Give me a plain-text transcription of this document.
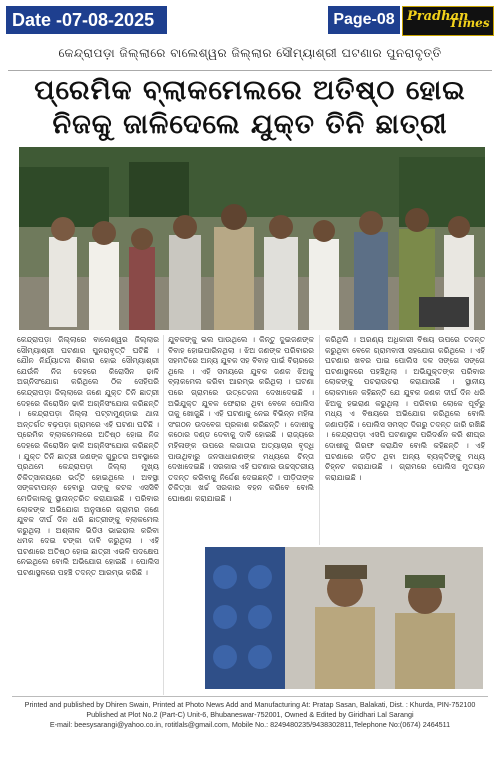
Date -07-08-2025	Page-08 Pradhan
Times
କେନ୍ଦ୍ରାପଡ଼ା ଜିଲ୍ଲାରେ ବାଲେଶ୍ୱର ଜିଲ୍ଲାର ସୌମ୍ୟାଶ୍ରୀ ଘଟଣାର ପୁନରାବୃତ୍ତି
ପ୍ରେମିକ ବ୍ଲାକମେଲରେ ଅତିଷ୍ଠ ହୋଇ
ନିଜକୁ ଜାଳିଦେଲେ ଯୁକ୍ତ ତିନି ଛାତ୍ରୀ
କେନ୍ଦ୍ରାପଡ଼ା ଜିଲ୍ଲାରେ ବାଲେଶ୍ୱର ଜିଲ୍ଲାର ସୌମ୍ୟାଶ୍ରୀ ଘଟଣାର ପୁନରାବୃତ୍ତି ଘଟିଛି । ଯୌନ ନିର୍ଯ୍ୟାତନା ଶିକାର ହୋଇ ସୌମ୍ୟାଶ୍ରୀ ଯେଉଁଳି ନିଜ ଦେହରେ କିରୋସିନ ଢାଳି ଅଗ୍ନିସଂଯୋଗ କରିଥିଲେ ଠିକ ସେହିପରି କେନ୍ଦ୍ରାପଡ଼ା ଜିଲ୍ଲାରେ ଜଣେ ଯୁକ୍ତ ତିନି ଛାତ୍ରୀ ଦେହରେ କିରୋସିନ ଢାଳି ଅଗ୍ନିସଂଯୋଗ କରିଛନ୍ତି । କେନ୍ଦ୍ରାପଡ଼ା ଜିଲ୍ଲା ପଟ୍ଟାମୁଣ୍ଡାଇ ଥାନା ଅନ୍ତର୍ଗତ ବଢ଼ପଡ଼ା ଗ୍ରାମରେ ଏହି ଘଟଣା ଘଟିଛି । ପ୍ରେମିକ ବ୍ଲାକମେଲରେ ଅତିଷ୍ଠ ହୋଇ ନିଜ ଦେହରେ କିରୋସିନ ଢାଳି ଅଗ୍ନିସଂଯୋଗ କରିଛନ୍ତି । ଯୁକ୍ତ ତିନି ଛାତ୍ରୀ ଜଣଙ୍କ ଗୁରୁତର ଅବସ୍ଥାରେ ପ୍ରଥମେ କେନ୍ଦ୍ରାପଡ଼ା ଜିଲ୍ଲା ମୁଖ୍ୟ ଚିକିତ୍ସାଳୟରେ ଭର୍ତ୍ତି ହୋଇଥିଲେ । ଅବସ୍ଥା ସଙ୍କଟାପନ୍ନ ହେବାରୁ ତାଙ୍କୁ କଟକ ଏସସିବି ମେଡିକାଲକୁ ସ୍ଥାନାନ୍ତରିତ କରାଯାଇଛି । ପରିବାର ଲୋକଙ୍କ ଅଭିଯୋଗ ଅନୁସାରେ ଗ୍ରାମର ଜଣେ ଯୁବକ ଦୀର୍ଘ ଦିନ ଧରି ଛାତ୍ରୀଙ୍କୁ ବ୍ଲାକମେଲ କରୁଥିଲା । ଅଶ୍ଳୀଳ ଭିଡିଓ ଭାଇରାଲ କରିବା ଧମକ ଦେଇ ଟଙ୍କା ଦାବି କରୁଥିଲା । ଏହି ଘଟଣାରେ ଅତିଷ୍ଠ ହୋଇ ଛାତ୍ରୀ ଏଭଳି ପଦକ୍ଷେପ ନେଇଥିଲେ ବୋଲି ଅଭିଯୋଗ ହୋଇଛି । ପୋଲିସ ଘଟଣାସ୍ଥଳରେ ପହଞ୍ଚି ତଦନ୍ତ ଆରମ୍ଭ କରିଛି ।
ଯୁବକଙ୍କୁ ଭଲ ପାଉଥିଲେ । କିନ୍ତୁ ଦୁଇଜଣଙ୍କ ବିବାହ ହୋଇପାରିନଥିଲା । ଝିଅ ଜଣଙ୍କ ପରିବାରର ସହମତିରେ ଅନ୍ୟ ଯୁବକ ସହ ବିବାହ ପାଇଁ ବିଚାରରେ ଥିଲେ । ଏହି ସମୟରେ ଯୁବକ ଜଣକ ଝିଅକୁ ବ୍ଲାକମେଲ କରିବା ଆରମ୍ଭ କରିଥିଲା । ଘଟଣା ପରେ ଗ୍ରାମରେ ଉତ୍ତେଜନା ଦେଖାଦେଇଛି । ଅଭିଯୁକ୍ତ ଯୁବକ ଫେରାର ଥିବା ବେଳେ ପୋଲିସ ତାକୁ ଖୋଜୁଛି । ଏହି ଘଟଣାକୁ ନେଇ ବିଭିନ୍ନ ମହିଳା ସଂଗଠନ ଉଦବେଗ ପ୍ରକାଶ କରିଛନ୍ତି । ଦୋଷୀକୁ କଠୋର ଦଣ୍ଡ ଦେବାକୁ ଦାବି ହୋଇଛି । ରାଜ୍ୟରେ ମହିଳାଙ୍କ ଉପରେ ଲଗାତାର ଅତ୍ୟାଚାର ବୃଦ୍ଧି ପାଉଥିବାରୁ ଜନସାଧାରଣଙ୍କ ମଧ୍ୟରେ ଚିନ୍ତା ଦେଖାଦେଇଛି । ସରକାର ଏହି ଘଟଣାର ଉଚ୍ଚସ୍ତରୀୟ ତଦନ୍ତ କରିବାକୁ ନିର୍ଦ୍ଦେଶ ଦେଇଛନ୍ତି । ପୀଡ଼ିତାଙ୍କ ଚିକିତ୍ସା ଖର୍ଚ୍ଚ ସରକାର ବହନ କରିବେ ବୋଲି ଘୋଷଣା କରାଯାଇଛି ।
କରିଥିଲି । ଅରଣ୍ୟ ଅଧିକାରୀ ବିଷୟ ଉପରେ ତଦନ୍ତ କରୁଥିବା ବେଳେ ଗ୍ରାମବାସୀ ସହଯୋଗ କରିଥିଲେ । ଏହି ଘଟଣାର ଖବର ପାଇ ପୋଲିସ ଦଳ ସଙ୍ଗେ ସଙ୍ଗେ ଘଟଣାସ୍ଥଳରେ ପହଞ୍ଚିଥିଲା । ଅଭିଯୁକ୍ତଙ୍କ ପରିବାର ଲୋକଙ୍କୁ ପଚରାଉଚରା କରାଯାଉଛି । ସ୍ଥାନୀୟ ଲୋକମାନେ କହିଛନ୍ତି ଯେ ଯୁବକ ଜଣକ ଦୀର୍ଘ ଦିନ ଧରି ଝିଅକୁ ହଇରାଣ କରୁଥିଲା । ପରିବାର ଲୋକେ ପୂର୍ବରୁ ମଧ୍ୟ ଏ ବିଷୟରେ ଅଭିଯୋଗ କରିଥିଲେ ବୋଲି ଜଣାପଡ଼ିଛି । ପୋଲିସ ସମସ୍ତ ଦିଗରୁ ତଦନ୍ତ ଜାରି ରଖିଛି । କେନ୍ଦ୍ରାପଡ଼ା ଏସପି ଘଟଣାସ୍ଥଳ ପରିଦର୍ଶନ କରି ଶୀଘ୍ର ଦୋଷୀକୁ ଗିରଫ କରାଯିବ ବୋଲି କହିଛନ୍ତି । ଏହି ଘଟଣାରେ ଜଡ଼ିତ ଥିବା ଅନ୍ୟ ବ୍ୟକ୍ତିଙ୍କୁ ମଧ୍ୟ ଚିହ୍ନଟ କରାଯାଉଛି । ଗ୍ରାମରେ ପୋଲିସ ମୁତୟନ କରାଯାଇଛି ।
Printed and published by Dhiren Swain, Printed at Photo News Add and Manufacturing At: Pratap Sasan, Balakati, Dist. : Khurda, PIN-752100
Published at Plot No.2 (Part-C) Unit-6, Bhubaneswar-752001, Owned & Edited by Giridhari Lal Sarangi
E-mail: beesysarangi@yahoo.co.in, rotitlals@gmail.com, Mobile No.: 8249480235/9438302811,Telephone No:(0674) 2464511
